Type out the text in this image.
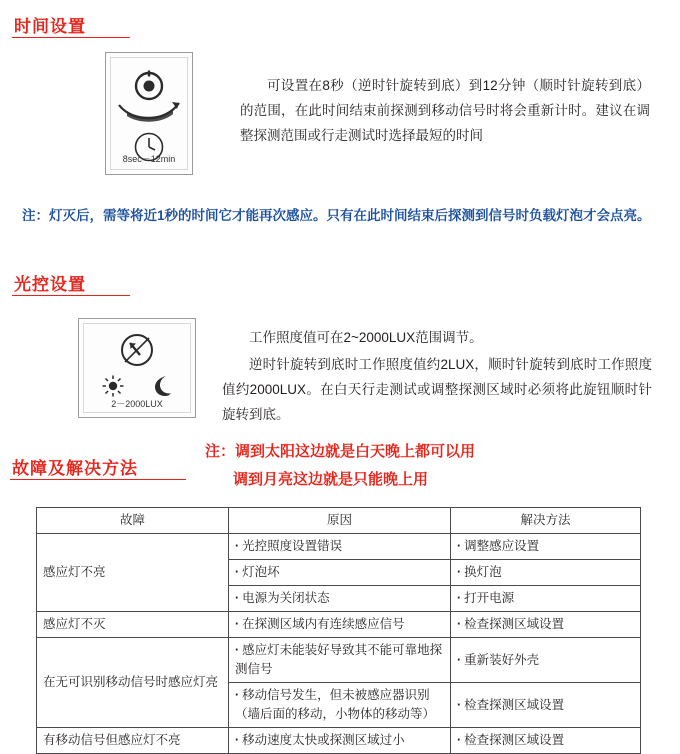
时间设置
8sec－12min
可设置在8秒（逆时针旋转到底）到12分钟（顺时针旋转到底）的范围，在此时间结束前探测到移动信号时将会重新计时。建议在调整探测范围或行走测试时选择最短的时间
注：灯灭后，需等将近1秒的时间它才能再次感应。只有在此时间结束后探测到信号时负载灯泡才会点亮。
光控设置
2－2000LUX
工作照度值可在2~2000LUX范围调节。
逆时针旋转到底时工作照度值约2LUX，顺时针旋转到底时工作照度值约2000LUX。在白天行走测试或调整探测区域时必须将此旋钮顺时针旋转到底。
注：调到太阳这边就是白天晚上都可以用
调到月亮这边就是只能晚上用
故障及解决方法
故障	原因	解决方法
感应灯不亮	· 光控照度设置错误	· 调整感应设置
	· 灯泡坏	· 换灯泡
	· 电源为关闭状态	· 打开电源
感应灯不灭	· 在探测区域内有连续感应信号	· 检查探测区域设置
在无可识别移动信号时感应灯亮	· 感应灯未能装好导致其不能可靠地探测信号	· 重新装好外壳
	· 移动信号发生，但未被感应器识别（墙后面的移动，小物体的移动等）	· 检查探测区域设置
有移动信号但感应灯不亮	· 移动速度太快或探测区域过小	· 检查探测区域设置
